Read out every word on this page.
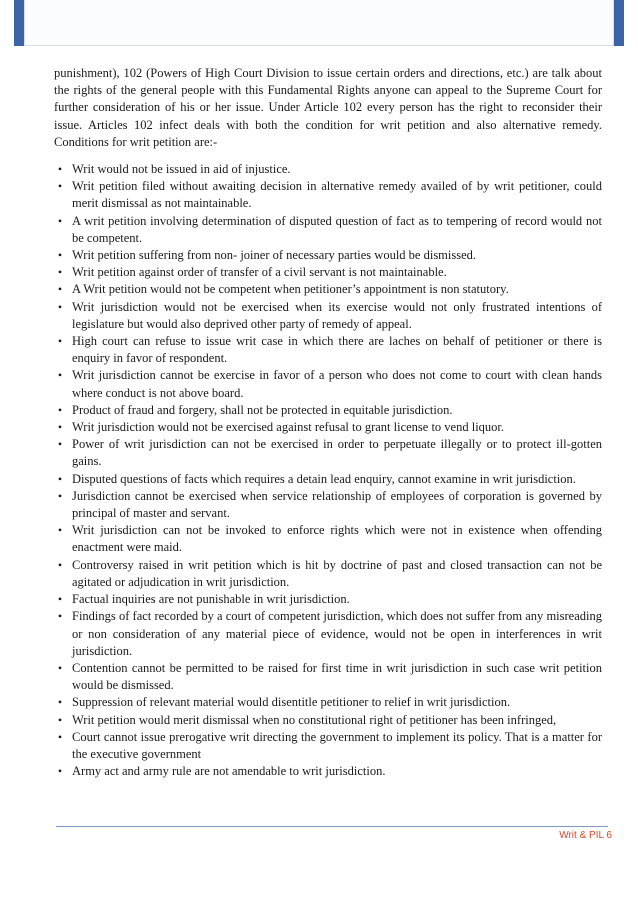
punishment), 102 (Powers of High Court Division to issue certain orders and directions, etc.) are talk about the rights of the general people with this Fundamental Rights anyone can appeal to the Supreme Court for further consideration of his or her issue. Under Article 102 every person has the right to reconsider their issue. Articles 102 infect deals with both the condition for writ petition and also alternative remedy. Conditions for writ petition are:-

• Writ would not be issued in aid of injustice.
• Writ petition filed without awaiting decision in alternative remedy availed of by writ petitioner, could merit dismissal as not maintainable.
• A writ petition involving determination of disputed question of fact as to tempering of record would not be competent.
• Writ petition suffering from non- joiner of necessary parties would be dismissed.
• Writ petition against order of transfer of a civil servant is not maintainable.
• A Writ petition would not be competent when petitioner’s appointment is non statutory.
• Writ jurisdiction would not be exercised when its exercise would not only frustrated intentions of legislature but would also deprived other party of remedy of appeal.
• High court can refuse to issue writ case in which there are laches on behalf of petitioner or there is enquiry in favor of respondent.
• Writ jurisdiction cannot be exercise in favor of a person who does not come to court with clean hands where conduct is not above board.
• Product of fraud and forgery, shall not be protected in equitable jurisdiction.
• Writ jurisdiction would not be exercised against refusal to grant license to vend liquor.
• Power of writ jurisdiction can not be exercised in order to perpetuate illegally or to protect ill-gotten gains.
• Disputed questions of facts which requires a detain lead enquiry, cannot examine in writ jurisdiction.
• Jurisdiction cannot be exercised when service relationship of employees of corporation is governed by principal of master and servant.
• Writ jurisdiction can not be invoked to enforce rights which were not in existence when offending enactment were maid.
• Controversy raised in writ petition which is hit by doctrine of past and closed transaction can not be agitated or adjudication in writ jurisdiction.
• Factual inquiries are not punishable in writ jurisdiction.
• Findings of fact recorded by a court of competent jurisdiction, which does not suffer from any misreading or non consideration of any material piece of evidence, would not be open in interferences in writ jurisdiction.
• Contention cannot be permitted to be raised for first time in writ jurisdiction in such case writ petition would be dismissed.
• Suppression of relevant material would disentitle petitioner to relief in writ jurisdiction.
• Writ petition would merit dismissal when no constitutional right of petitioner has been infringed,
• Court cannot issue prerogative writ directing the government to implement its policy. That is a matter for the executive government
• Army act and army rule are not amendable to writ jurisdiction.
Writ & PIL 6
